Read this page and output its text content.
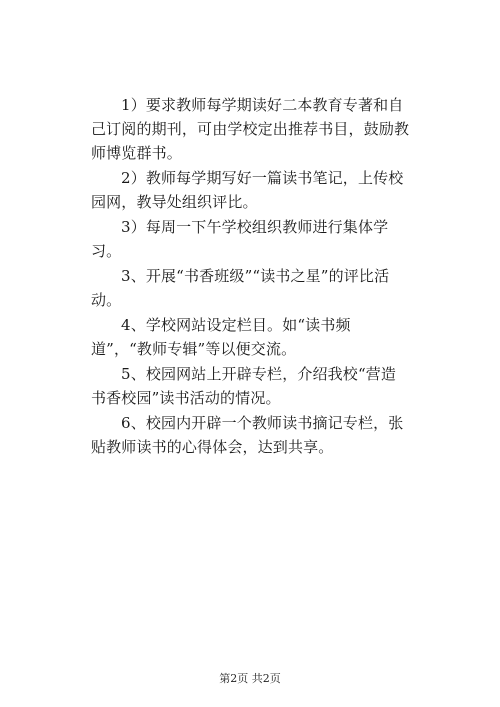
1）要求教师每学期读好二本教育专著和自己订阅的期刊，可由学校定出推荐书目，鼓励教师博览群书。

2）教师每学期写好一篇读书笔记，上传校园网，教导处组织评比。

3）每周一下午学校组织教师进行集体学习。

3、开展“书香班级”“读书之星”的评比活动。

4、学校网站设定栏目。如“读书频道”，“教师专辑”等以便交流。

5、校园网站上开辟专栏，介绍我校“营造书香校园”读书活动的情况。

6、校园内开辟一个教师读书摘记专栏，张贴教师读书的心得体会，达到共享。

第2页 共2页
